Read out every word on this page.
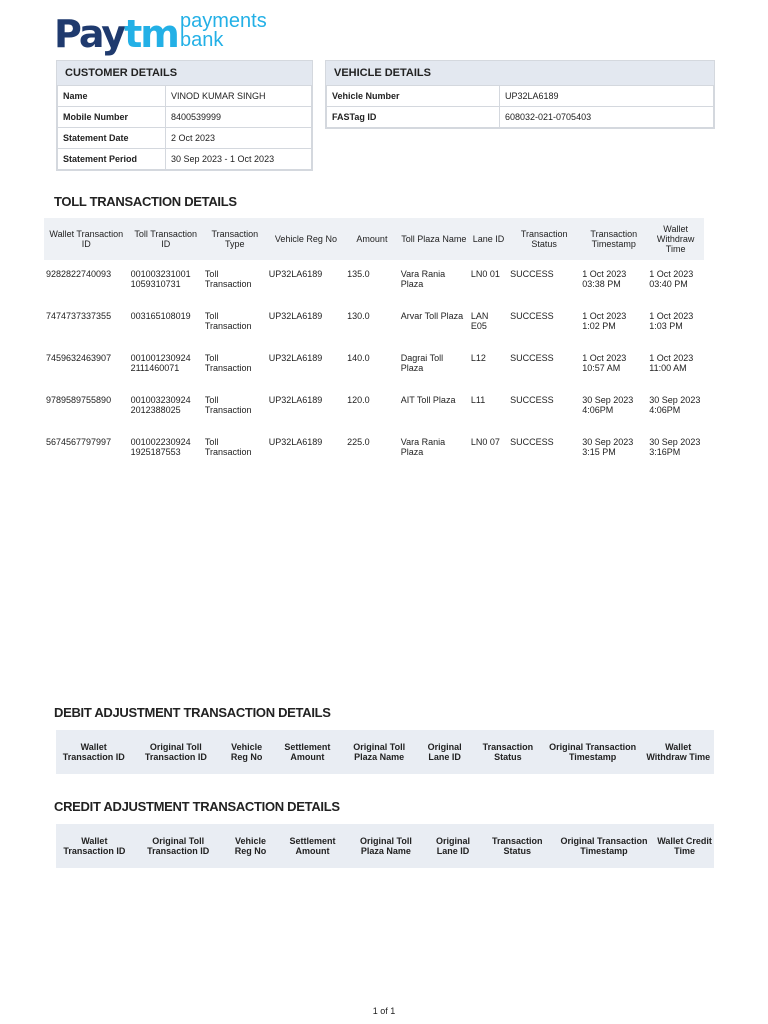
Paytm payments
bank
CUSTOMER DETAILS
Name	VINOD KUMAR SINGH
Mobile Number	8400539999
Statement Date	2 Oct 2023
Statement Period	30 Sep 2023 - 1 Oct 2023
VEHICLE DETAILS
Vehicle Number	UP32LA6189
FASTag ID	608032-021-0705403
TOLL TRANSACTION DETAILS
Wallet Transaction ID	Toll Transaction ID	Transaction Type	Vehicle Reg No	Amount	Toll Plaza Name	Lane ID	Transaction Status	Transaction Timestamp	Wallet Withdraw Time
9282822740093	001003231001 1059310731	Toll Transaction	UP32LA6189	135.0	Vara Rania Plaza	LN0 01	SUCCESS	1 Oct 2023 03:38 PM	1 Oct 2023 03:40 PM
7474737337355	003165108019	Toll Transaction	UP32LA6189	130.0	Arvar Toll Plaza	LAN E05	SUCCESS	1 Oct 2023 1:02 PM	1 Oct 2023 1:03 PM
7459632463907	001001230924 2111460071	Toll Transaction	UP32LA6189	140.0	Dagrai Toll Plaza	L12	SUCCESS	1 Oct 2023 10:57 AM	1 Oct 2023 11:00 AM
9789589755890	001003230924 2012388025	Toll Transaction	UP32LA6189	120.0	AIT Toll Plaza	L11	SUCCESS	30 Sep 2023 4:06PM	30 Sep 2023 4:06PM
5674567797997	001002230924 1925187553	Toll Transaction	UP32LA6189	225.0	Vara Rania Plaza	LN0 07	SUCCESS	30 Sep 2023 3:15 PM	30 Sep 2023 3:16PM
DEBIT ADJUSTMENT TRANSACTION DETAILS
Wallet Transaction ID	Original Toll Transaction ID	Vehicle Reg No	Settlement Amount	Original Toll Plaza Name	Original Lane ID	Transaction Status	Original Transaction Timestamp	Wallet Withdraw Time
CREDIT ADJUSTMENT TRANSACTION DETAILS
Wallet Transaction ID	Original Toll Transaction ID	Vehicle Reg No	Settlement Amount	Original Toll Plaza Name	Original Lane ID	Transaction Status	Original Transaction Timestamp	Wallet Credit Time
1 of 1
